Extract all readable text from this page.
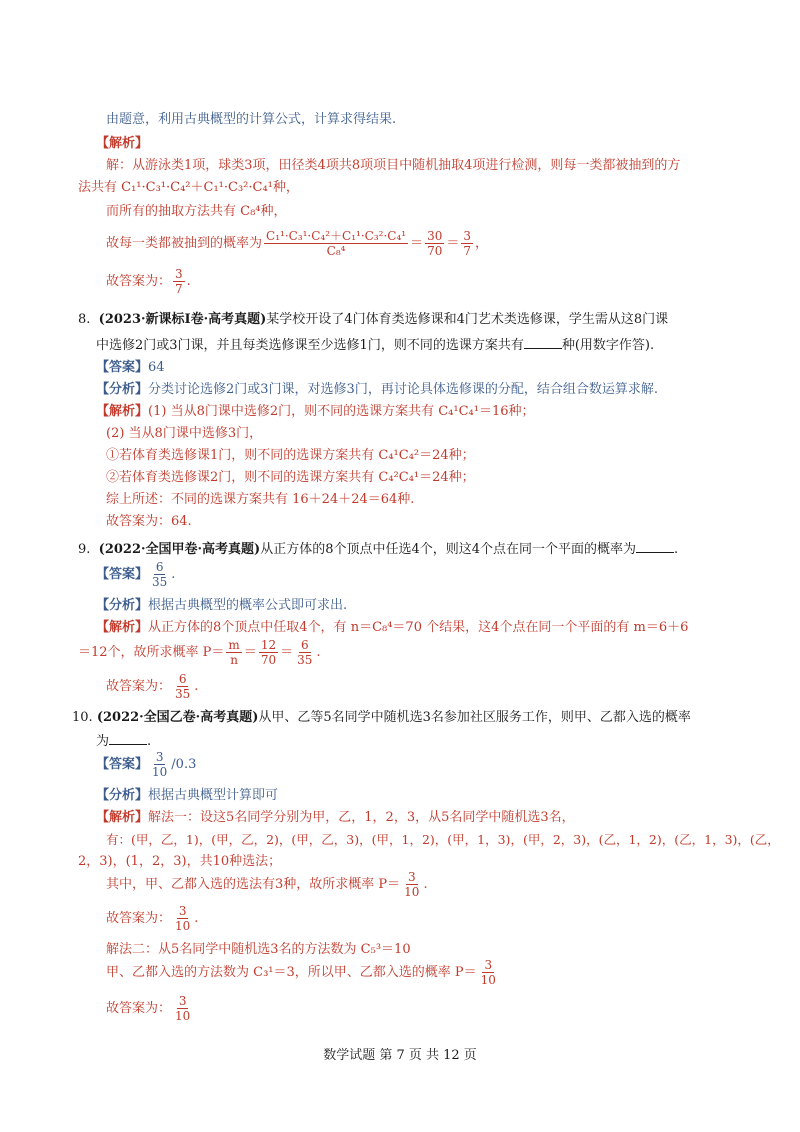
由题意，利用古典概型的计算公式，计算求得结果.
【解析】
解：从游泳类1项，球类3项，田径类4项共8项项目中随机抽取4项进行检测，则每一类都被抽到的方
法共有 C₁¹·C₃¹·C₄²＋C₁¹·C₃²·C₄¹种，
而所有的抽取方法共有 C₈⁴种，
故每一类都被抽到的概率为 $\frac{\text{C₁¹·C₃¹·C₄²＋C₁¹·C₃²·C₄¹}}{\text{C₈⁴}} = \frac{30}{70} = \frac{3}{7}$ ，
故答案为： $\frac{3}{7}$ .
8. (2023·新课标Ⅰ卷·高考真题)某学校开设了4门体育类选修课和4门艺术类选修课，学生需从这8门课
中选修2门或3门课，并且每类选修课至少选修1门，则不同的选课方案共有	种(用数字作答).
【答案】64
【分析】分类讨论选修2门或3门课，对选修3门，再讨论具体选修课的分配，结合组合数运算求解.
【解析】(1) 当从8门课中选修2门，则不同的选课方案共有 C₄¹C₄¹＝16种；
(2) 当从8门课中选修3门，
①若体育类选修课1门，则不同的选课方案共有 C₄¹C₄²＝24种；
②若体育类选修课2门，则不同的选课方案共有 C₄²C₄¹＝24种；
综上所述：不同的选课方案共有 16＋24＋24＝64种.
故答案为：64.
9. (2022·全国甲卷·高考真题)从正方体的8个顶点中任选4个，则这4个点在同一个平面的概率为	.
【答案】 $\frac{6}{35}$ .
【分析】根据古典概型的概率公式即可求出.
【解析】从正方体的8个顶点中任取4个，有 n＝C₈⁴＝70 个结果，这4个点在同一个平面的有 m＝6＋6
＝12个，故所求概率 $P= \frac{m}{n} = \frac{12}{70} = \frac{6}{35}$ .
故答案为： $\frac{6}{35}$ .
10. (2022·全国乙卷·高考真题)从甲、乙等5名同学中随机选3名参加社区服务工作，则甲、乙都入选的概率
为	.
【答案】 $\frac{3}{10} /0.3$
【分析】根据古典概型计算即可
【解析】解法一：设这5名同学分别为甲，乙，1，2，3，从5名同学中随机选3名，
有：(甲，乙，1)，(甲，乙，2)，(甲，乙，3)，(甲，1，2)，(甲，1，3)，(甲，2，3)，(乙，1，2)，(乙，1，3)，(乙，
2，3)，(1，2，3)，共10种选法；
其中，甲、乙都入选的选法有3种，故所求概率 $P= \frac{3}{10}$ .
故答案为： $\frac{3}{10}$ .
解法二：从5名同学中随机选3名的方法数为 C₅³＝10
甲、乙都入选的方法数为 C₃¹＝3，所以甲、乙都入选的概率 $P= \frac{3}{10}$
故答案为： $\frac{3}{10}$
数学试题 第 7 页 共 12 页
